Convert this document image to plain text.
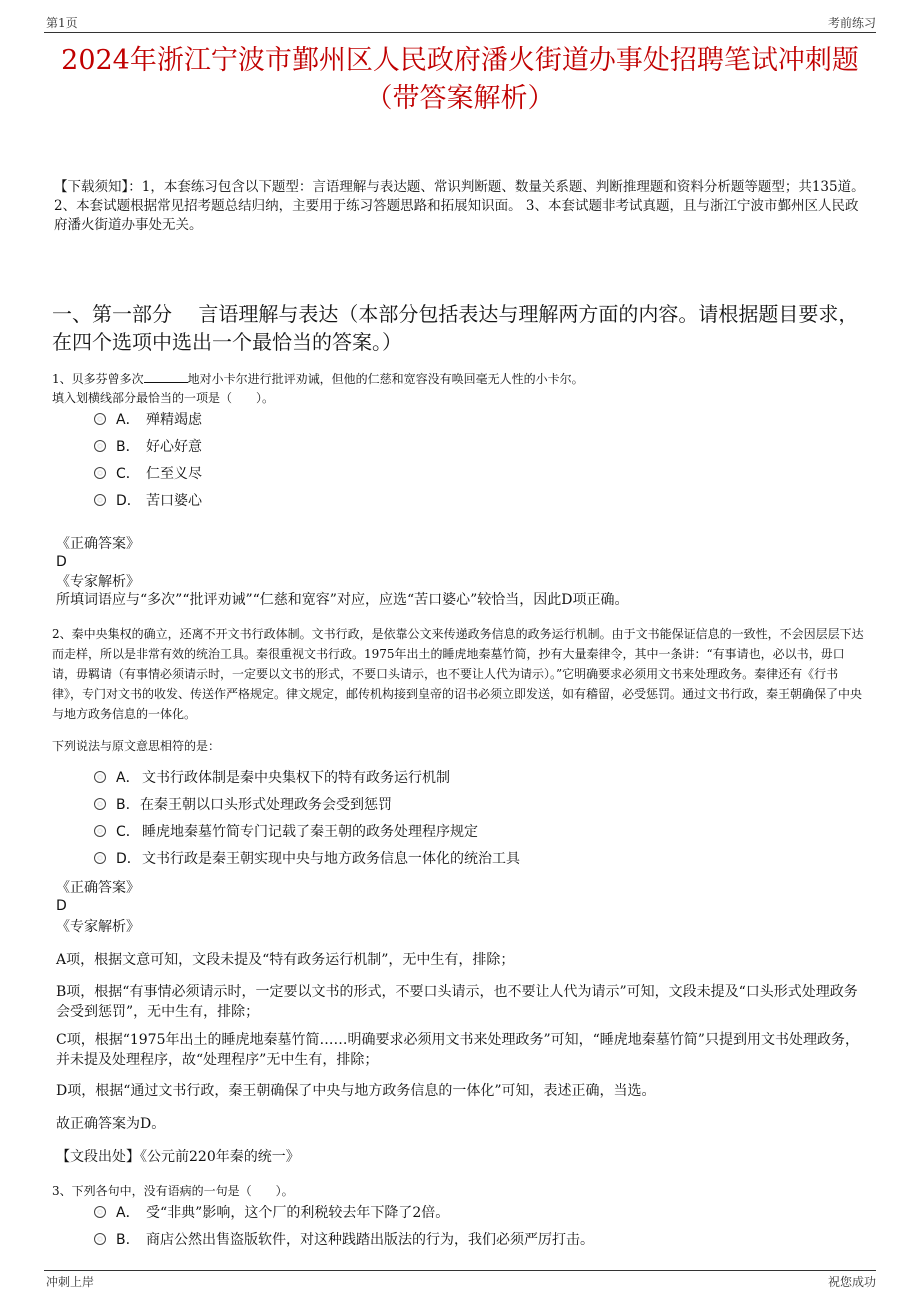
第1页	考前练习
2024年浙江宁波市鄞州区人民政府潘火街道办事处招聘笔试冲刺题（带答案解析）
【下载须知】：1，本套练习包含以下题型：言语理解与表达题、常识判断题、数量关系题、判断推理题和资料分析题等题型；共135道。 2、本套试题根据常见招考题总结归纳，主要用于练习答题思路和拓展知识面。 3、本套试题非考试真题，且与浙江宁波市鄞州区人民政府潘火街道办事处无关。
一、第一部分　 言语理解与表达（本部分包括表达与理解两方面的内容。请根据题目要求，在四个选项中选出一个最恰当的答案。）
1、贝多芬曾多次	地对小卡尔进行批评劝诫，但他的仁慈和宽容没有唤回毫无人性的小卡尔。
填入划横线部分最恰当的一项是（　　）。
A． 殚精竭虑
B． 好心好意
C． 仁至义尽
D． 苦口婆心
《正确答案》
D
《专家解析》
所填词语应与“多次”“批评劝诫”“仁慈和宽容”对应，应选“苦口婆心”较恰当，因此D项正确。
2、秦中央集权的确立，还离不开文书行政体制。文书行政，是依靠公文来传递政务信息的政务运行机制。由于文书能保证信息的一致性，不会因层层下达而走样，所以是非常有效的统治工具。秦很重视文书行政。1975年出土的睡虎地秦墓竹简，抄有大量秦律令，其中一条讲：“有事请也，必以书，毋口请，毋羁请（有事情必须请示时，一定要以文书的形式，不要口头请示，也不要让人代为请示）。”它明确要求必须用文书来处理政务。秦律还有《行书律》，专门对文书的收发、传送作严格规定。律文规定，邮传机构接到皇帝的诏书必须立即发送，如有稽留，必受惩罚。通过文书行政，秦王朝确保了中央与地方政务信息的一体化。
下列说法与原文意思相符的是：
A． 文书行政体制是秦中央集权下的特有政务运行机制
B. 在秦王朝以口头形式处理政务会受到惩罚
C． 睡虎地秦墓竹简专门记载了秦王朝的政务处理程序规定
D．文书行政是秦王朝实现中央与地方政务信息一体化的统治工具
《正确答案》
D
《专家解析》
A项，根据文意可知，文段未提及“特有政务运行机制”，无中生有，排除；
B项，根据“有事情必须请示时，一定要以文书的形式，不要口头请示，也不要让人代为请示”可知，文段未提及“口头形式处理政务会受到惩罚”，无中生有，排除；
C项，根据“1975年出土的睡虎地秦墓竹简……明确要求必须用文书来处理政务”可知，“睡虎地秦墓竹简”只提到用文书处理政务，并未提及处理程序，故“处理程序”无中生有，排除；
D项，根据“通过文书行政，秦王朝确保了中央与地方政务信息的一体化”可知，表述正确，当选。
故正确答案为D。
【文段出处】《公元前220年秦的统一》
3、下列各句中，没有语病的一句是（　　）。
A． 受“非典”影响，这个厂的利税较去年下降了2倍。
B. 商店公然出售盗版软件，对这种践踏出版法的行为，我们必须严厉打击。
冲刺上岸	祝您成功
